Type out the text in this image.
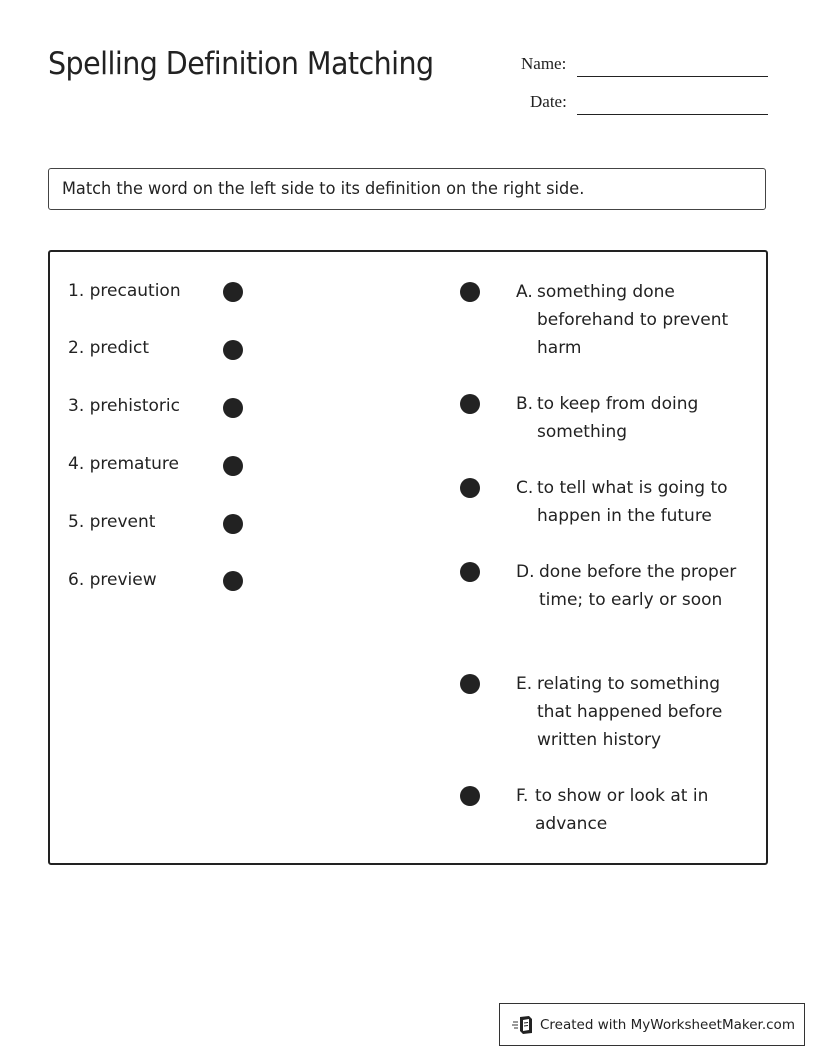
Spelling Definition Matching	Name:
Date:
Match the word on the left side to its definition on the right side.
1. precaution
2. predict
3. prehistoric
4. premature
5. prevent
6. preview
A. something done beforehand to prevent harm
B. to keep from doing something
C. to tell what is going to happen in the future
D. done before the proper time; to early or soon
E. relating to something that happened before written history
F. to show or look at in advance
Created with MyWorksheetMaker.com
